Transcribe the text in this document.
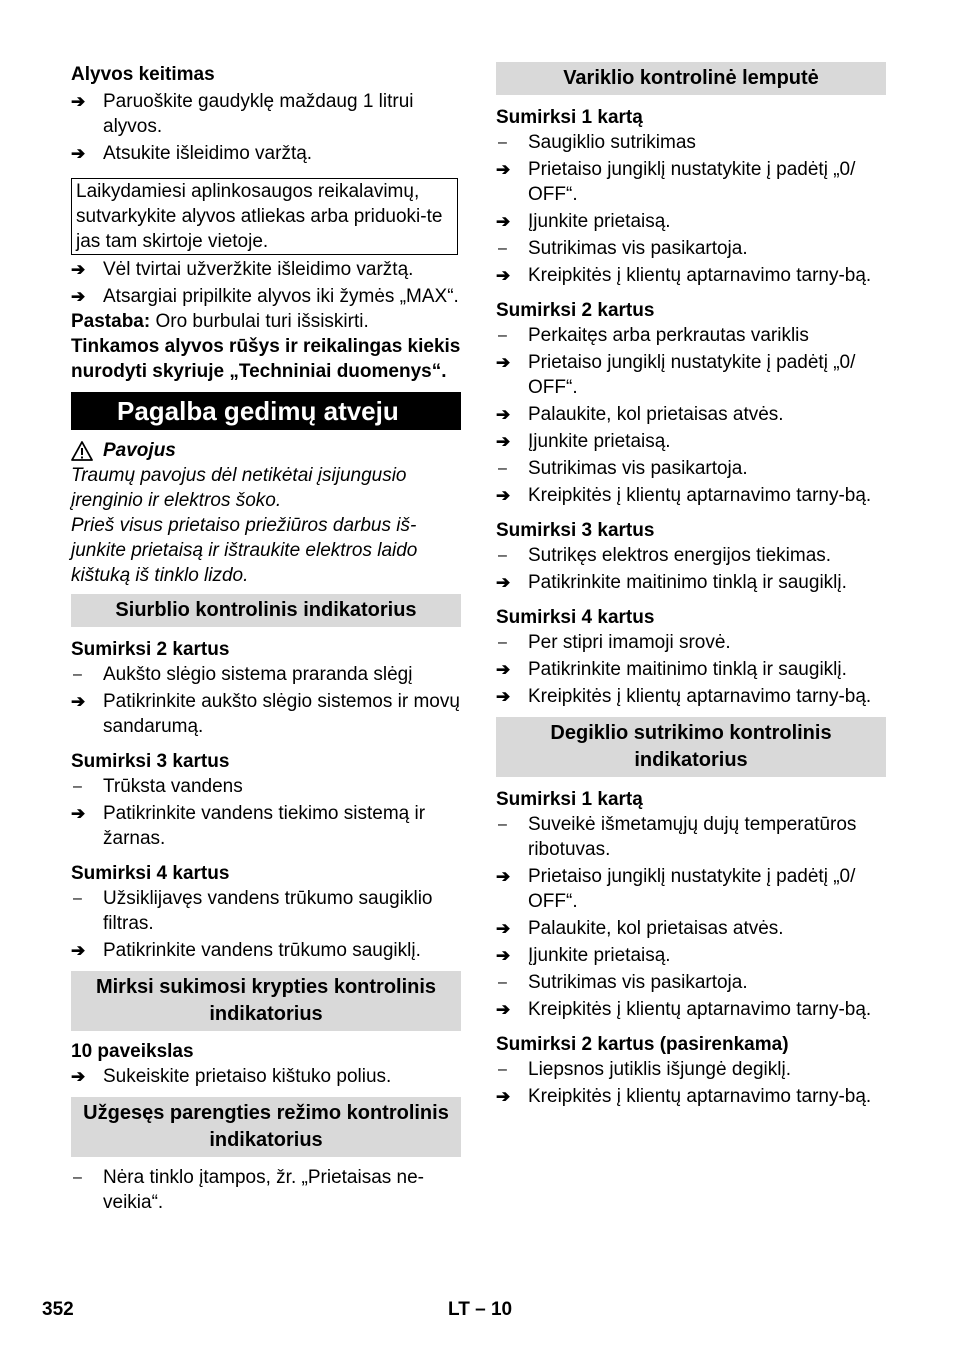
Alyvos keitimas
➔ Paruoškite gaudyklę maždaug 1 litrui alyvos.
➔ Atsukite išleidimo varžtą.
Laikydamiesi aplinkosaugos reikalavimų, sutvarkykite alyvos atliekas arba priduoki-te jas tam skirtoje vietoje.
➔ Vėl tvirtai užveržkite išleidimo varžtą.
➔ Atsargiai pripilkite alyvos iki žymės „MAX“.
Pastaba: Oro burbulai turi išsiskirti.
Tinkamos alyvos rūšys ir reikalingas kiekis nurodyti skyriuje „Techniniai duomenys“.
Pagalba gedimų atveju
Pavojus
Traumų pavojus dėl netikėtai įsijungusio įrenginio ir elektros šoko.
Prieš visus prietaiso priežiūros darbus iš-junkite prietaisą ir ištraukite elektros laido kištuką iš tinklo lizdo.
Siurblio kontrolinis indikatorius
Sumirksi 2 kartus
–	Aukšto slėgio sistema praranda slėgį
➔ Patikrinkite aukšto slėgio sistemos ir movų sandarumą.
Sumirksi 3 kartus
–	Trūksta vandens
➔ Patikrinkite vandens tiekimo sistemą ir žarnas.
Sumirksi 4 kartus
–	Užsiklijavęs vandens trūkumo saugiklio filtras.
➔ Patikrinkite vandens trūkumo saugiklį.
Mirksi sukimosi krypties kontrolinis indikatorius
10 paveikslas
➔ Sukeiskite prietaiso kištuko polius.
Užgesęs parengties režimo kontrolinis indikatorius
–	Nėra tinklo įtampos, žr. „Prietaisas ne-veikia“.
Variklio kontrolinė lemputė
Sumirksi 1 kartą
–	Saugiklio sutrikimas
➔ Prietaiso jungiklį nustatykite į padėtį „0/ OFF“.
➔ Įjunkite prietaisą.
–	Sutrikimas vis pasikartoja.
➔ Kreipkitės į klientų aptarnavimo tarny-bą.
Sumirksi 2 kartus
–	Perkaitęs arba perkrautas variklis
➔ Prietaiso jungiklį nustatykite į padėtį „0/ OFF“.
➔ Palaukite, kol prietaisas atvės.
➔ Įjunkite prietaisą.
–	Sutrikimas vis pasikartoja.
➔ Kreipkitės į klientų aptarnavimo tarny-bą.
Sumirksi 3 kartus
–	Sutrikęs elektros energijos tiekimas.
➔ Patikrinkite maitinimo tinklą ir saugiklį.
Sumirksi 4 kartus
–	Per stipri imamoji srovė.
➔ Patikrinkite maitinimo tinklą ir saugiklį.
➔ Kreipkitės į klientų aptarnavimo tarny-bą.
Degiklio sutrikimo kontrolinis indikatorius
Sumirksi 1 kartą
–	Suveikė išmetamųjų dujų temperatūros ribotuvas.
➔ Prietaiso jungiklį nustatykite į padėtį „0/ OFF“.
➔ Palaukite, kol prietaisas atvės.
➔ Įjunkite prietaisą.
–	Sutrikimas vis pasikartoja.
➔ Kreipkitės į klientų aptarnavimo tarny-bą.
Sumirksi 2 kartus (pasirenkama)
–	Liepsnos jutiklis išjungė degiklį.
➔ Kreipkitės į klientų aptarnavimo tarny-bą.
352	LT – 10
